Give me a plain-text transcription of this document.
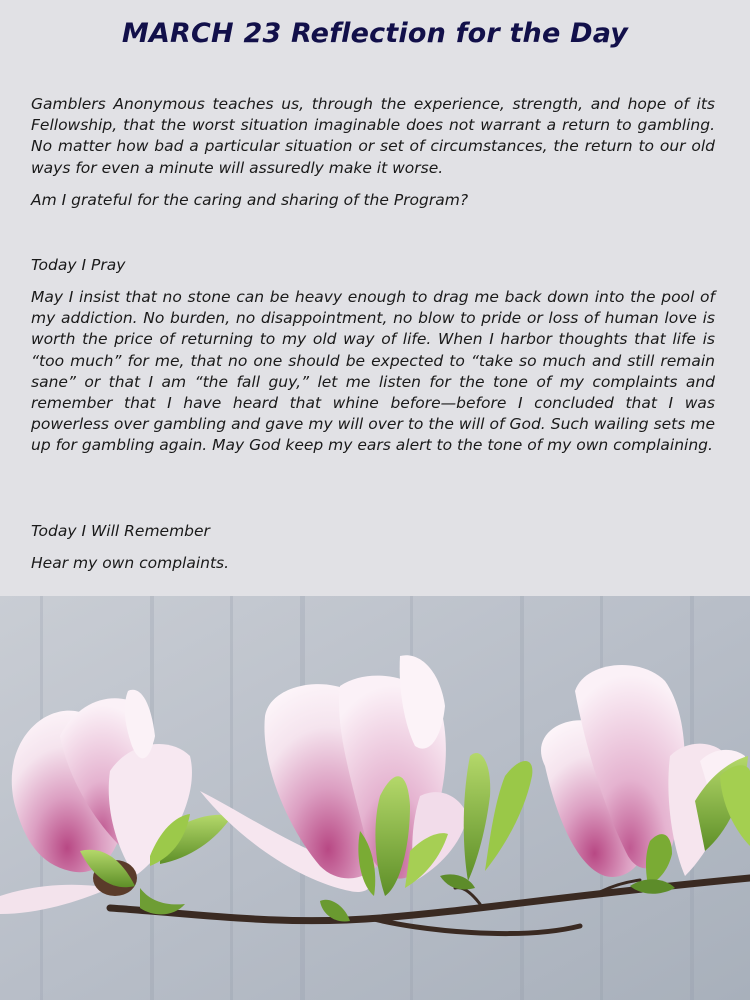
MARCH 23 Reflection for the Day

Gamblers Anonymous teaches us, through the experience, strength, and hope of its Fellowship, that the worst situation imaginable does not warrant a return to gambling. No matter how bad a particular situation or set of circumstances, the return to our old ways for even a minute will assuredly make it worse.

Am I grateful for the caring and sharing of the Program?

Today I Pray

May I insist that no stone can be heavy enough to drag me back down into the pool of my addiction. No burden, no disappointment, no blow to pride or loss of human love is worth the price of returning to my old way of life. When I harbor thoughts that life is “too much” for me, that no one should be expected to “take so much and still remain sane” or that I am “the fall guy,” let me listen for the tone of my complaints and remember that I have heard that whine before—before I concluded that I was powerless over gambling and gave my will over to the will of God. Such wailing sets me up for gambling again. May God keep my ears alert to the tone of my own complaining.

Today I Will Remember

Hear my own complaints.
